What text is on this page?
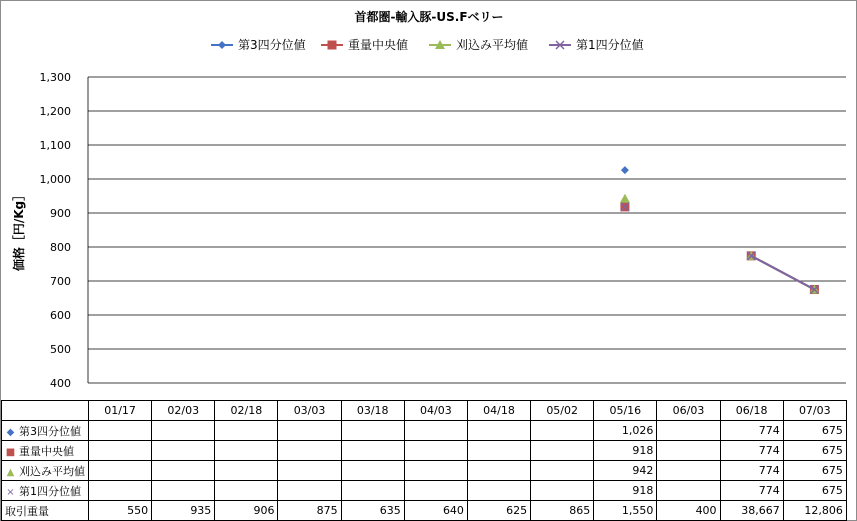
首都圏-輸入豚-US.Fベリー
第3四分位値	重量中央値	刈込み平均値	第1四分位値
400
500
600
700
800
900
1,000
1,100
1,200
1,300
価格［円/Kg］
	01/17	02/03	02/18	03/03	03/18	04/03	04/18	05/02	05/16	06/03	06/18	07/03
◆ 第3四分位値									1,026		774	675
■ 重量中央値									918		774	675
▲ 刈込み平均値									942		774	675
× 第1四分位値									918		774	675
取引重量	550	935	906	875	635	640	625	865	1,550	400	38,667	12,806
